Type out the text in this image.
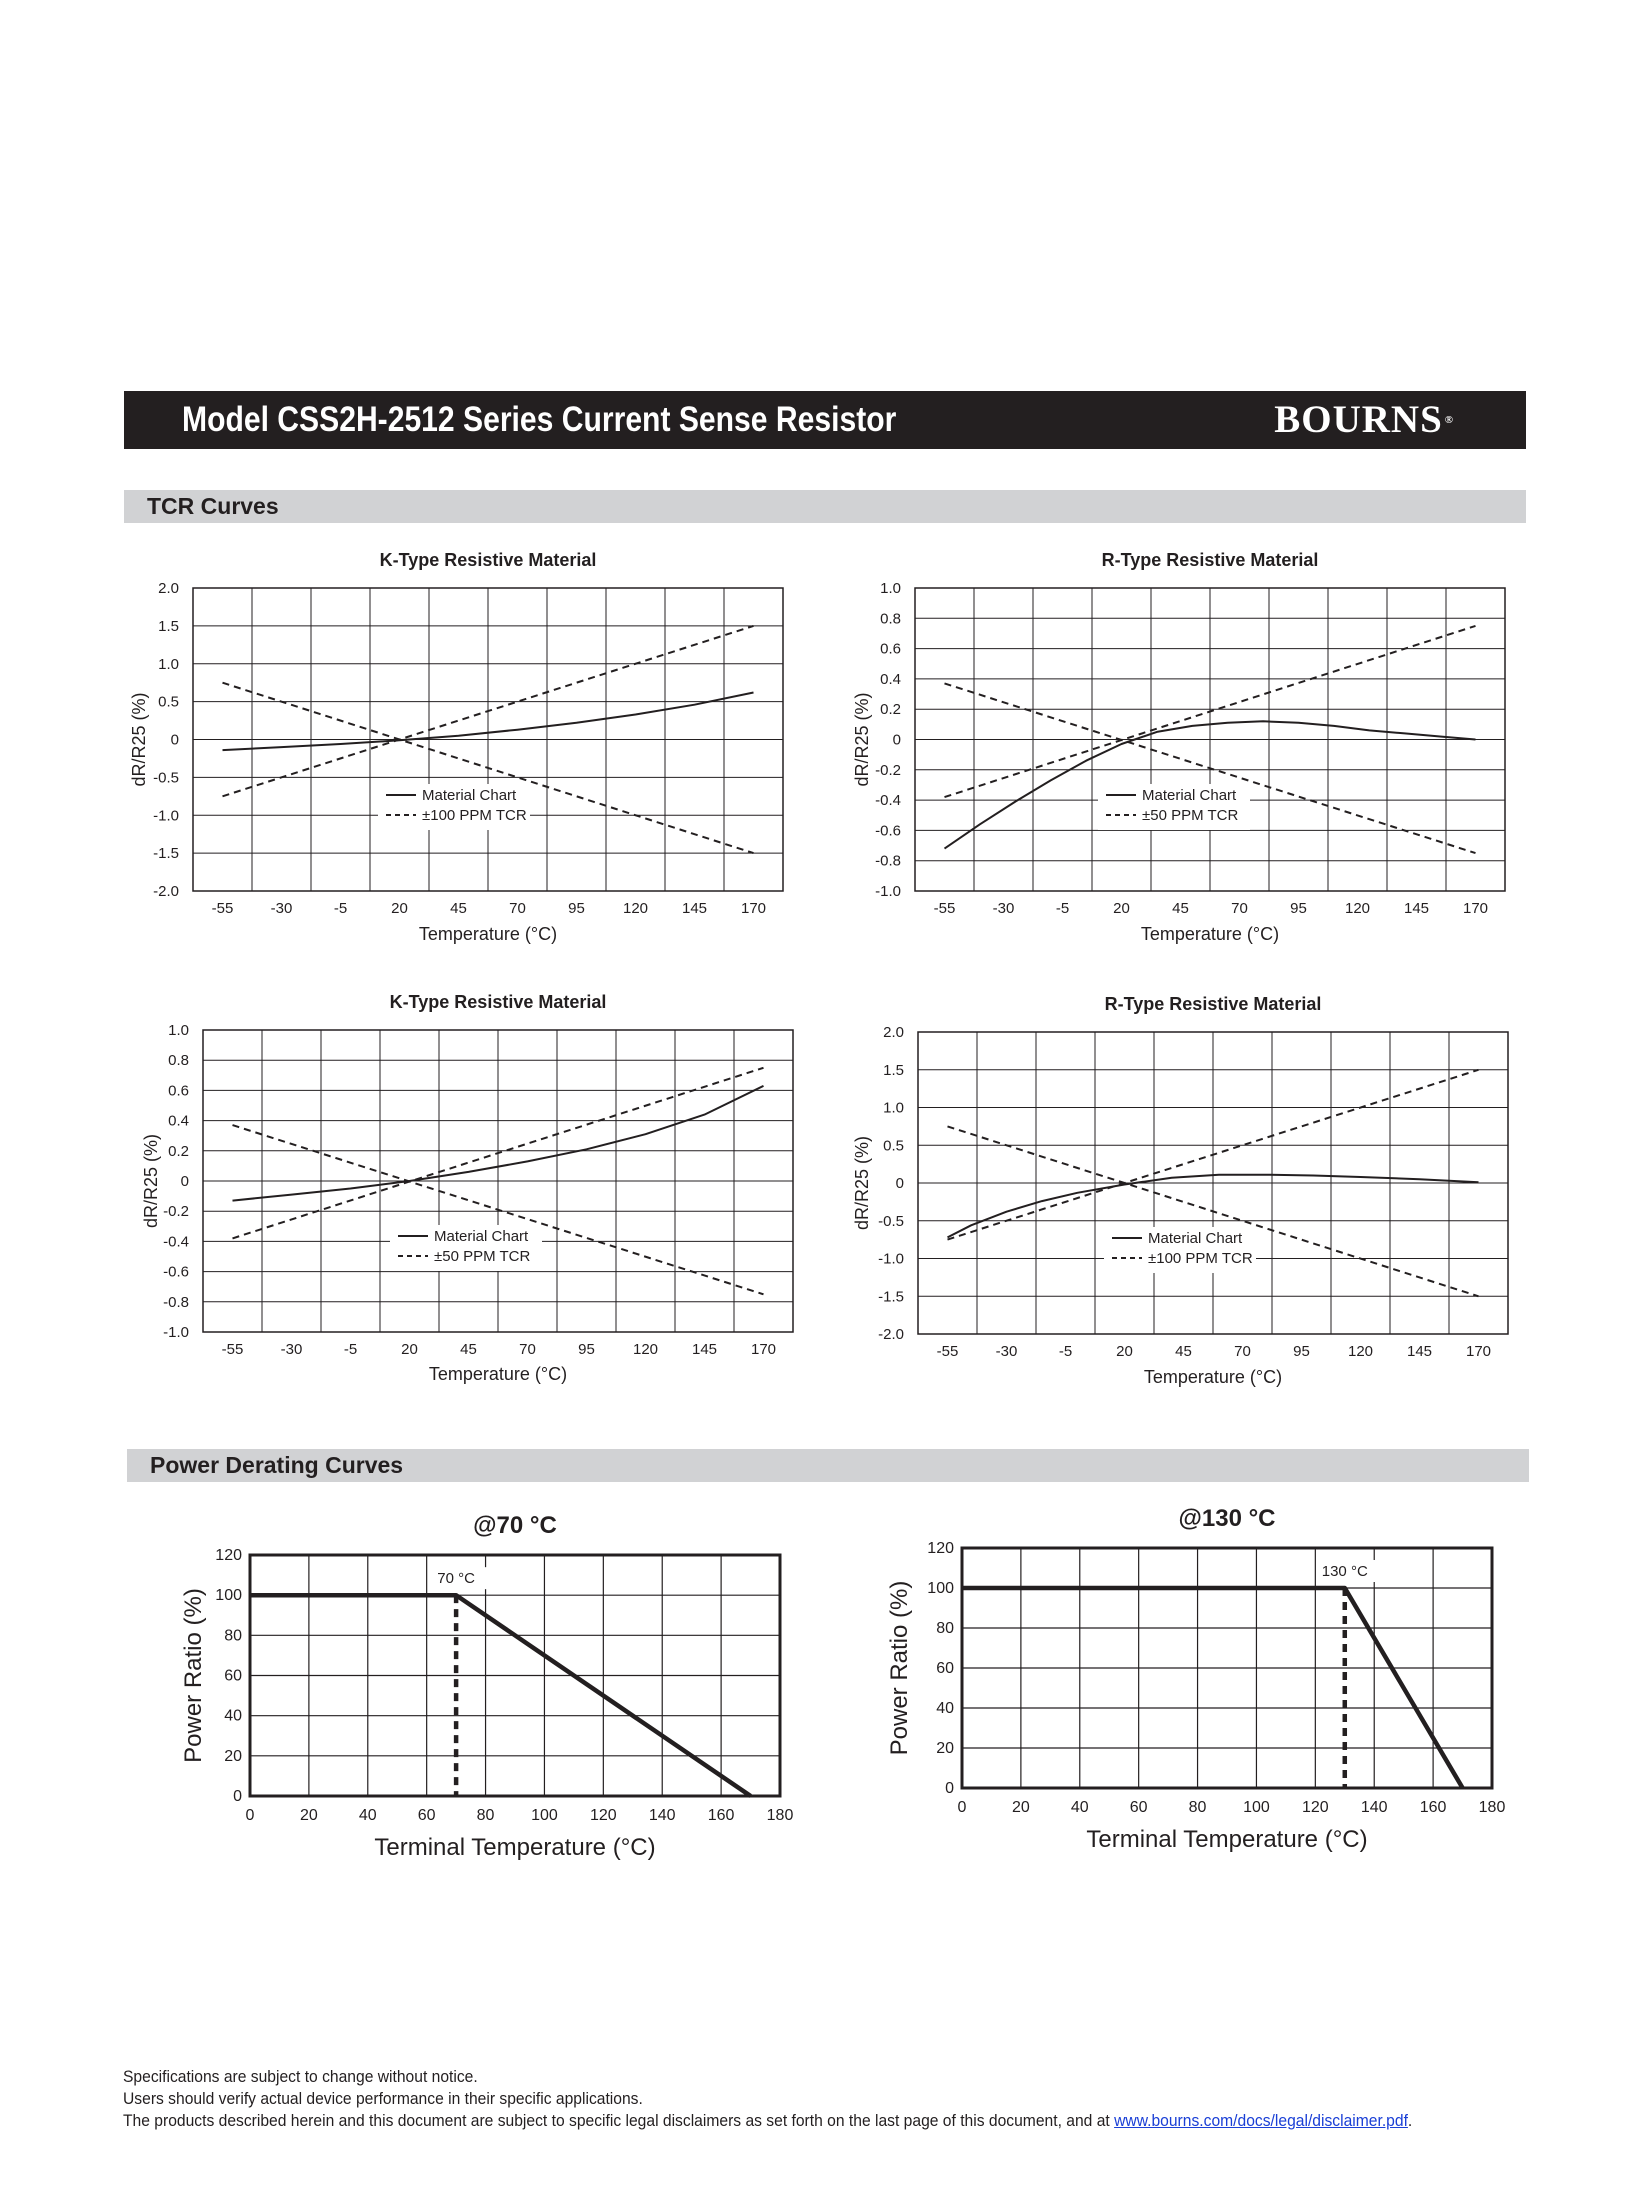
Model CSS2H-2512 Series Current Sense Resistor	BOURNS ®
TCR Curves
Power Derating Curves
K-Type Resistive Material
-55 -30	-5	20	45	70	95	120 145 170
2.0
1.5
1.0
0.5
0
-0.5
-1.0
-1.5
-2.0
Temperature (°C)
dR/R25 (%)
Material Chart
±100 PPM TCR
R-Type Resistive Material
-55 -30	-5	20	45	70	95	120 145 170
1.0
0.8
0.6
0.4
0.2
0
-0.2
-0.4
-0.6
-0.8
-1.0
Temperature (°C)
dR/R25 (%)
Material Chart
±50 PPM TCR
K-Type Resistive Material
-55 -30	-5	20	45	70	95	120 145 170
1.0
0.8
0.6
0.4
0.2
0
-0.2
-0.4
-0.6
-0.8
-1.0
Temperature (°C)
dR/R25 (%)
Material Chart
±50 PPM TCR
R-Type Resistive Material
-55 -30	-5	20	45	70	95	120 145 170
2.0
1.5
1.0
0.5
0
-0.5
-1.0
-1.5
-2.0
Temperature (°C)
dR/R25 (%)
Material Chart
±100 PPM TCR
@70 °C
0	20	40	60	80 100 120 140 160 180
0
20
40
60
80
100
120
Terminal Temperature (°C)
Power Ratio (%)
70 °C
@130 °C
0	20	40	60	80 100 120 140 160 180
0
20
40
60
80
100
120
Terminal Temperature (°C)
Power Ratio (%)
130 °C
Specifications are subject to change without notice.
Users should verify actual device performance in their specific applications.
The products described herein and this document are subject to specific legal disclaimers as set forth on the last page of this document, and at www.bourns.com/docs/legal/disclaimer.pdf.
